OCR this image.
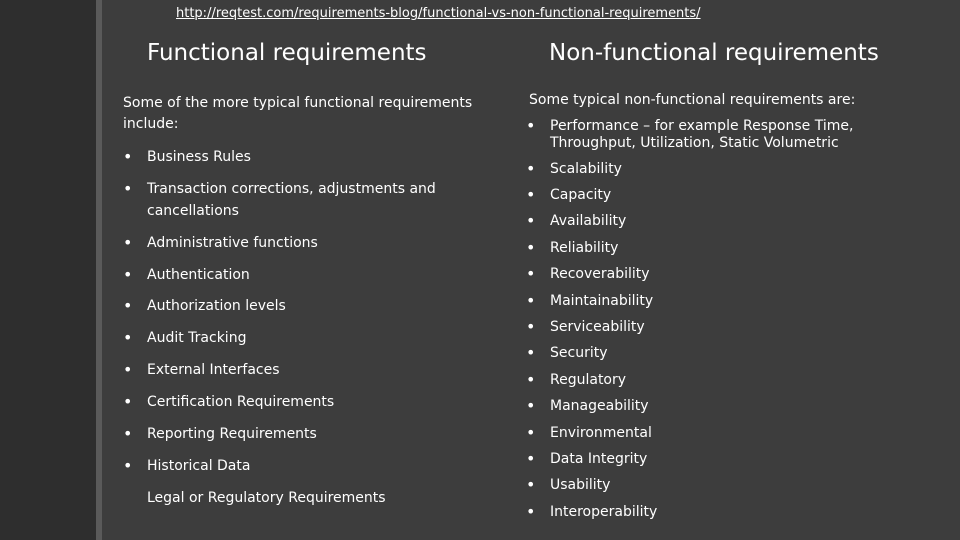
http://reqtest.com/requirements-blog/functional-vs-non-functional-requirements/
Functional requirements	Non-functional requirements
Some of the more typical functional requirements include:
Some typical non-functional requirements are:
• Business Rules
• Transaction corrections, adjustments and cancellations
• Administrative functions
• Authentication
• Authorization levels
• Audit Tracking
• External Interfaces
• Certification Requirements
• Reporting Requirements
• Historical Data
Legal or Regulatory Requirements
• Performance – for example Response Time, Throughput, Utilization, Static Volumetric
• Scalability
• Capacity
• Availability
• Reliability
• Recoverability
• Maintainability
• Serviceability
• Security
• Regulatory
• Manageability
• Environmental
• Data Integrity
• Usability
• Interoperability
